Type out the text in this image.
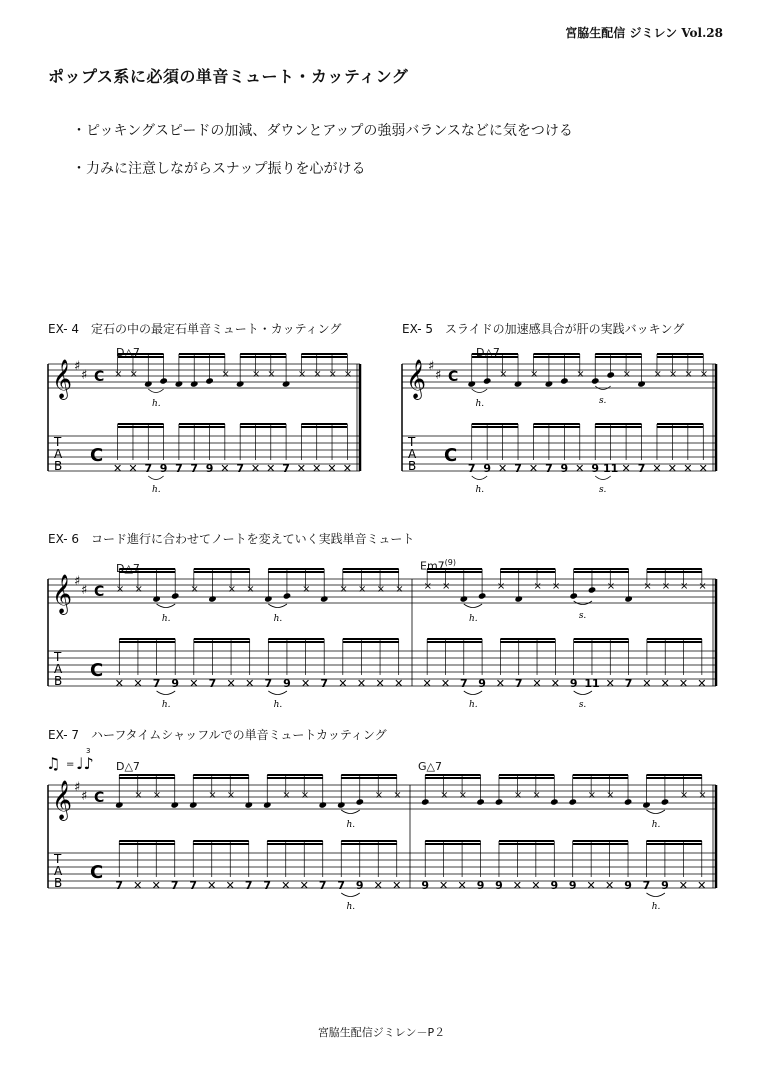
宮脇生配信 ジミレン Vol.28
ポップス系に必須の単音ミュート・カッティング
・ピッキングスピードの加減、ダウンとアップの強弱バランスなどに気をつける
・力みに注意しながらスナップ振りを心がける
EX- 4　定石の中の最定石単音ミュート・カッティング	EX- 5　スライドの加速感具合が肝の実践バッキング
EX- 6　コード進行に合わせてノートを変えていく実践単音ミュート
EX- 7　ハーフタイムシャッフルでの単音ミュートカッティング
D△7	D△7
D△7	Em7$^{(9)}$
D△7	G△7
𝄞 ♯
♯ C
T
A
B C
×
✕
×
✕ 7 9 7 7 9
×
✕ 7
×
✕
×
✕ 7
×
✕
×
✕
×
✕
×
✕
h.
h.
𝄞 ♯
♯ C
T
A
B C
7 9
×
✕ 7
×
✕ 7 9
×
✕ 9 11
×
✕ 7
×
✕
×
✕
×
✕
×
✕
h.
h.
s.
s.
𝄞 ♯
♯ C
T
A
B C
×
✕
×
✕ 7 9
×
✕ 7
×
✕
×
✕ 7 9
×
✕ 7
×
✕
×
✕
×
✕
×
✕
h.
h.
h.
h.
×
✕
×
✕ 7 9
×
✕ 7
×
✕
×
✕ 9 11
×
✕ 7
×
✕
×
✕
×
✕
×
✕
h.
h.
s.
s.
♫ = ♩♪
3
𝄞 ♯
♯ C
T
A
B C
7
×
✕
×
✕ 7 7
×
✕
×
✕ 7 7
×
✕
×
✕ 7 7 9
×
✕
×
✕
h.
h.
9
×
✕
×
✕ 9 9
×
✕
×
✕ 9 9
×
✕
×
✕ 9 7 9
×
✕
×
✕
h.
h.
宮脇生配信ジミレン－P２
